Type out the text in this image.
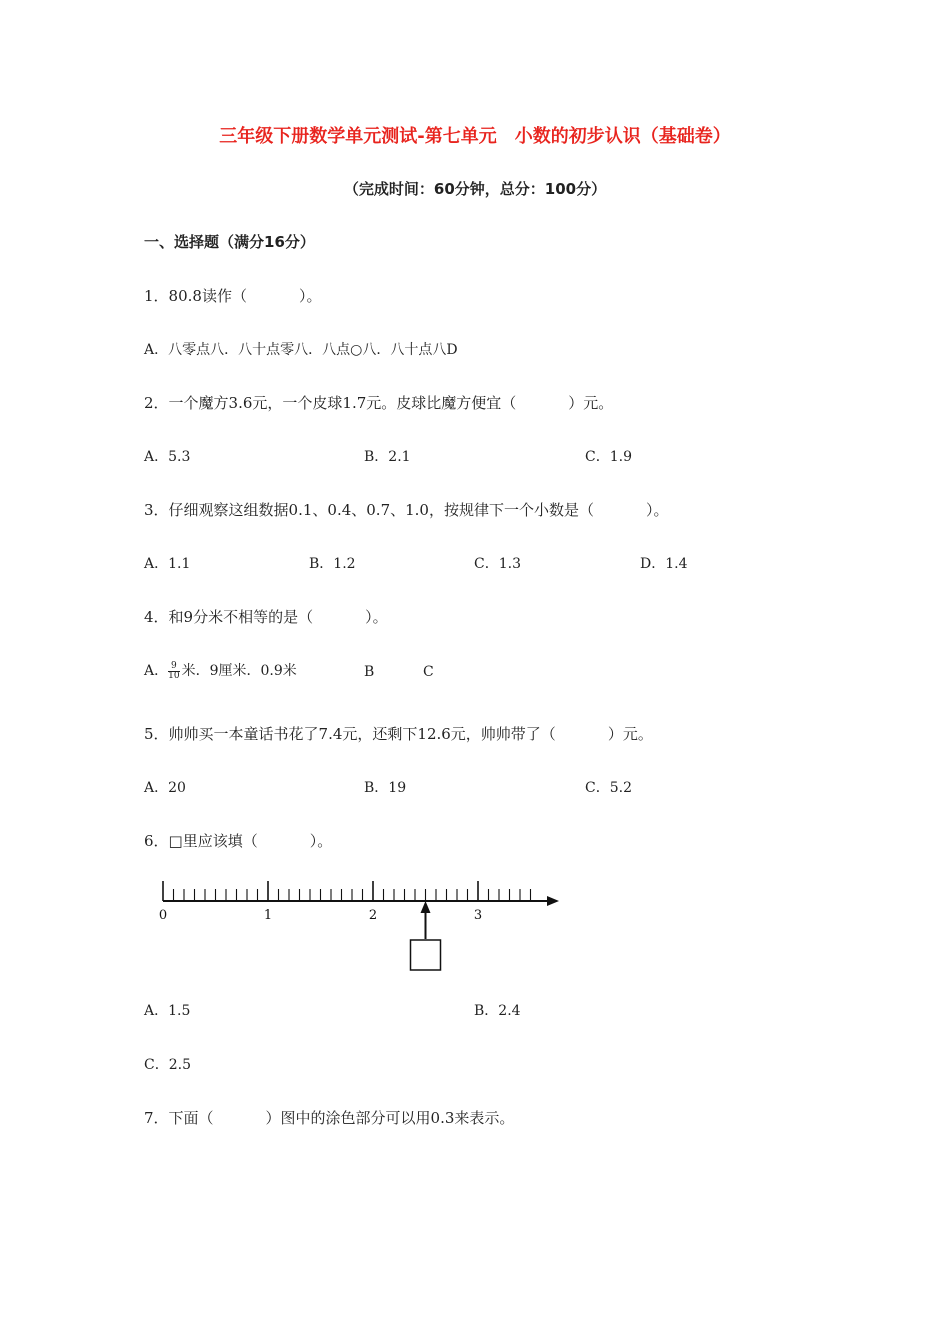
三年级下册数学单元测试-第七单元　小数的初步认识（基础卷）
（完成时间：60分钟，总分：100分）
一、选择题（满分16分）
1．80.8读作（	）。
A．八零点八．八十点零八．八点○八．八十点八D
2．一个魔方3.6元，一个皮球1.7元。皮球比魔方便宜（	）元。
A．5.3	B．2.1	C．1.9
3．仔细观察这组数据0.1、0.4、0.7、1.0，按规律下一个小数是（	）。
A．1.1	B．1.2	C．1.3	D．1.4
4．和9分米不相等的是（	）。
A． $\frac{9}{10}$ 米．9厘米．0.9米	B	C
5．帅帅买一本童话书花了7.4元，还剩下12.6元，帅帅带了（	）元。
A．20	B．19	C．5.2
6．□里应该填（	）。
0	1	2	3
A．1.5	B．2.4
C．2.5
7．下面（	）图中的涂色部分可以用0.3来表示。
